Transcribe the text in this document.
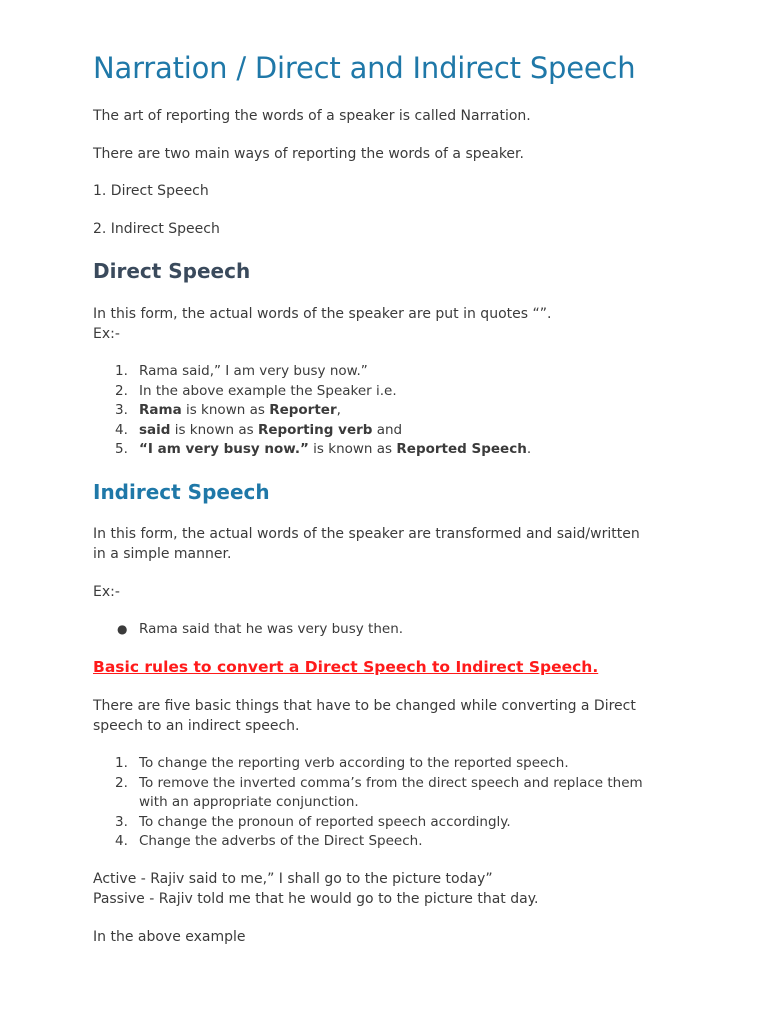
Narration / Direct and Indirect Speech

The art of reporting the words of a speaker is called Narration.

There are two main ways of reporting the words of a speaker.

1. Direct Speech

2. Indirect Speech

Direct Speech

In this form, the actual words of the speaker are put in quotes “”.

Ex:-

1. Rama said,” I am very busy now.”
2. In the above example the Speaker i.e.
3. Rama is known as Reporter,
4. said is known as Reporting verb and
5. “I am very busy now.” is known as Reported Speech.
Indirect Speech

In this form, the actual words of the speaker are transformed and said/written

in a simple manner.

Ex:-

● Rama said that he was very busy then.

Basic rules to convert a Direct Speech to Indirect Speech.

There are five basic things that have to be changed while converting a Direct

speech to an indirect speech.

1. To change the reporting verb according to the reported speech.
2. To remove the inverted comma’s from the direct speech and replace them
with an appropriate conjunction.
3. To change the pronoun of reported speech accordingly.
4. Change the adverbs of the Direct Speech.

Active - Rajiv said to me,” I shall go to the picture today”

Passive - Rajiv told me that he would go to the picture that day.

In the above example
